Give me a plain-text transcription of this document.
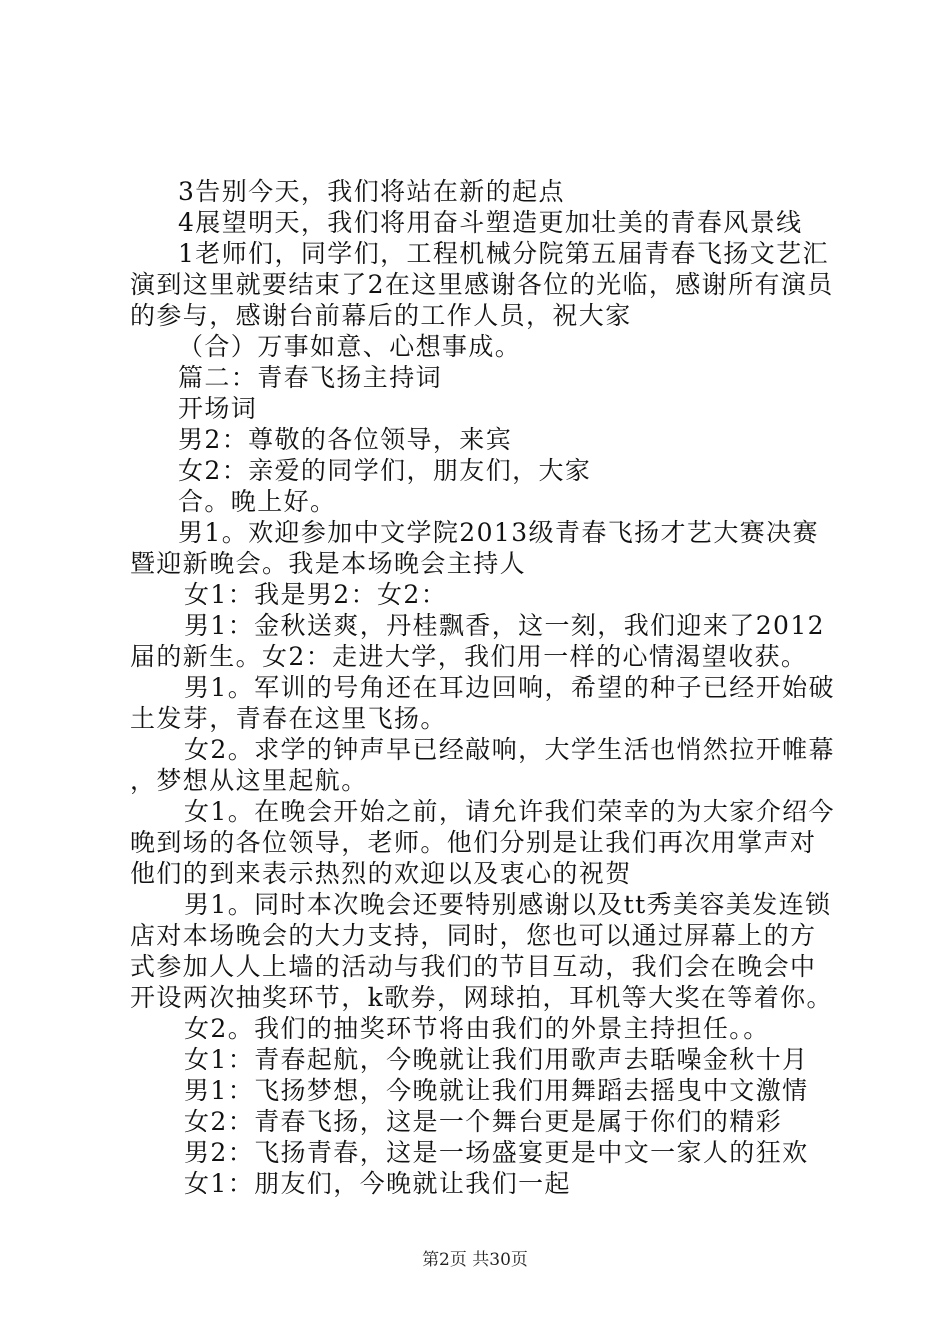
3告别今天，我们将站在新的起点

4展望明天，我们将用奋斗塑造更加壮美的青春风景线

1老师们，同学们，工程机械分院第五届青春飞扬文艺汇演到这里就要结束了2在这里感谢各位的光临，感谢所有演员的参与，感谢台前幕后的工作人员，祝大家

（合）万事如意、心想事成。

篇二：青春飞扬主持词

开场词

男2：尊敬的各位领导，来宾

女2：亲爱的同学们，朋友们，大家

合。晚上好。

男1。欢迎参加中文学院2013级青春飞扬才艺大赛决赛暨迎新晚会。我是本场晚会主持人

女1：我是男2：女2：

男1：金秋送爽，丹桂飘香，这一刻，我们迎来了2012届的新生。女2：走进大学，我们用一样的心情渴望收获。

男1。军训的号角还在耳边回响，希望的种子已经开始破土发芽，青春在这里飞扬。

女2。求学的钟声早已经敲响，大学生活也悄然拉开帷幕，梦想从这里起航。

女1。在晚会开始之前，请允许我们荣幸的为大家介绍今晚到场的各位领导，老师。他们分别是让我们再次用掌声对他们的到来表示热烈的欢迎以及衷心的祝贺

男1。同时本次晚会还要特别感谢以及tt秀美容美发连锁店对本场晚会的大力支持，同时，您也可以通过屏幕上的方式参加人人上墙的活动与我们的节目互动，我们会在晚会中开设两次抽奖环节，k歌券，网球拍，耳机等大奖在等着你。

女2。我们的抽奖环节将由我们的外景主持担任。。

女1：青春起航，今晚就让我们用歌声去聒噪金秋十月

男1：飞扬梦想，今晚就让我们用舞蹈去摇曳中文激情

女2：青春飞扬，这是一个舞台更是属于你们的精彩

男2：飞扬青春，这是一场盛宴更是中文一家人的狂欢

女1：朋友们，今晚就让我们一起

第2页 共30页
